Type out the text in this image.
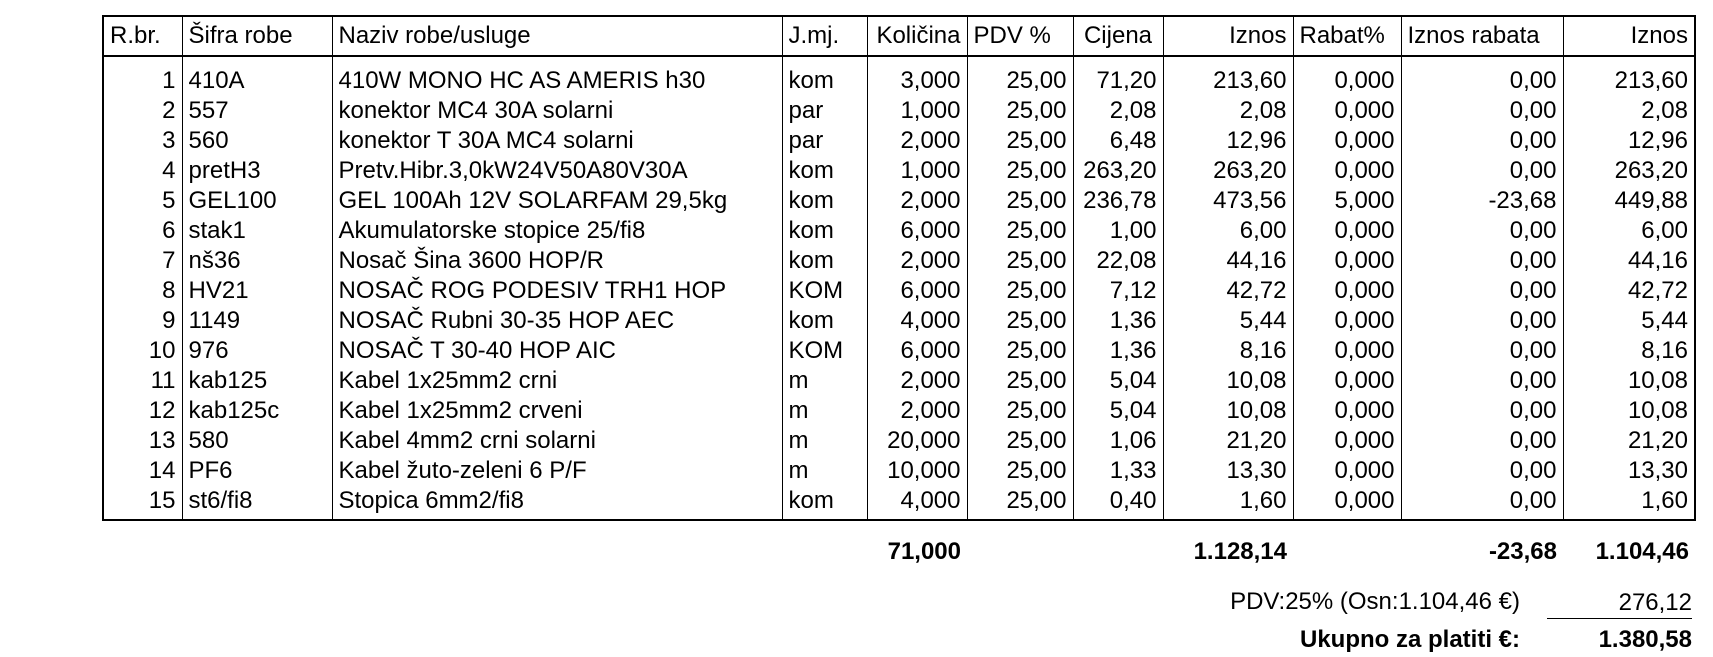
R.br.	Šifra robe	Naziv robe/usluge	J.mj.	Količina	PDV %	Cijena	Iznos	Rabat%	Iznos rabata	Iznos

1	410A	410W MONO HC AS AMERIS h30	kom	3,000	25,00	71,20	213,60	0,000	0,00	213,60
2	557	konektor MC4 30A solarni	par	1,000	25,00	2,08	2,08	0,000	0,00	2,08
3	560	konektor T 30A MC4 solarni	par	2,000	25,00	6,48	12,96	0,000	0,00	12,96
4	pretH3	Pretv.Hibr.3,0kW24V50A80V30A	kom	1,000	25,00	263,20	263,20	0,000	0,00	263,20
5	GEL100	GEL 100Ah 12V SOLARFAM 29,5kg	kom	2,000	25,00	236,78	473,56	5,000	-23,68	449,88
6	stak1	Akumulatorske stopice 25/fi8	kom	6,000	25,00	1,00	6,00	0,000	0,00	6,00
7	nš36	Nosač Šina 3600 HOP/R	kom	2,000	25,00	22,08	44,16	0,000	0,00	44,16
8	HV21	NOSAČ ROG PODESIV TRH1 HOP	KOM	6,000	25,00	7,12	42,72	0,000	0,00	42,72
9	1149	NOSAČ Rubni 30-35 HOP AEC	kom	4,000	25,00	1,36	5,44	0,000	0,00	5,44
10	976	NOSAČ T 30-40 HOP AIC	KOM	6,000	25,00	1,36	8,16	0,000	0,00	8,16
11	kab125	Kabel 1x25mm2 crni	m	2,000	25,00	5,04	10,08	0,000	0,00	10,08
12	kab125c	Kabel 1x25mm2 crveni	m	2,000	25,00	5,04	10,08	0,000	0,00	10,08
13	580	Kabel 4mm2 crni solarni	m	20,000	25,00	1,06	21,20	0,000	0,00	21,20
14	PF6	Kabel žuto-zeleni 6 P/F	m	10,000	25,00	1,33	13,30	0,000	0,00	13,30
15	st6/fi8	Stopica 6mm2/fi8	kom	4,000	25,00	0,40	1,60	0,000	0,00	1,60
				71,000			1.128,14		-23,68	1.104,46
PDV:25% (Osn:1.104,46 €)	276,12
Ukupno za platiti €:	1.380,58
